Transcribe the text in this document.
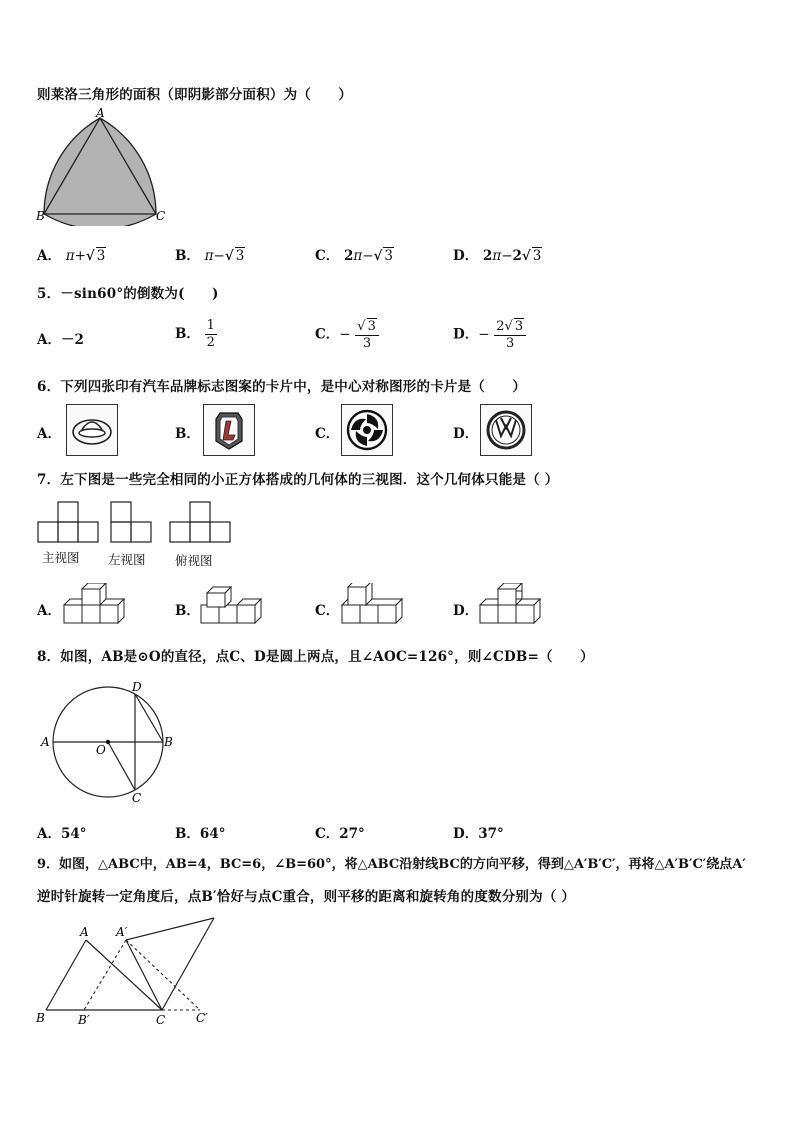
则莱洛三角形的面积（即阴影部分面积）为（　　）
A
B	C
A． π+√ 3	B． π−√ 3	C． 2π−√ 3	D． 2π−2√ 3
5．－sin60°的倒数为(　　)
A．－2	B． $\frac{1}{2}$	C．− $\frac{√ 3}{3}$	D．− $\frac{2√ 3}{3}$
6．下列四张印有汽车品牌标志图案的卡片中，是中心对称图形的卡片是（　　）
A．	B．	C．	D．
7．左下图是一些完全相同的小正方体搭成的几何体的三视图．这个几何体只能是（ ）
主视图 左视图 俯视图
A．	B．	C．	D．
8．如图，AB是⊙O的直径，点C、D是圆上两点，且∠AOC=126°，则∠CDB=（　　）
A	B
C
D
O
A．54°	B．64°	C．27°	D．37°
9．如图，△ABC中，AB=4，BC=6，∠B=60°，将△ABC沿射线BC的方向平移，得到△A′B′C′，再将△A′B′C′绕点A′
逆时针旋转一定角度后，点B′恰好与点C重合，则平移的距离和旋转角的度数分别为（ ）
A A′
B	B′	C	C′
